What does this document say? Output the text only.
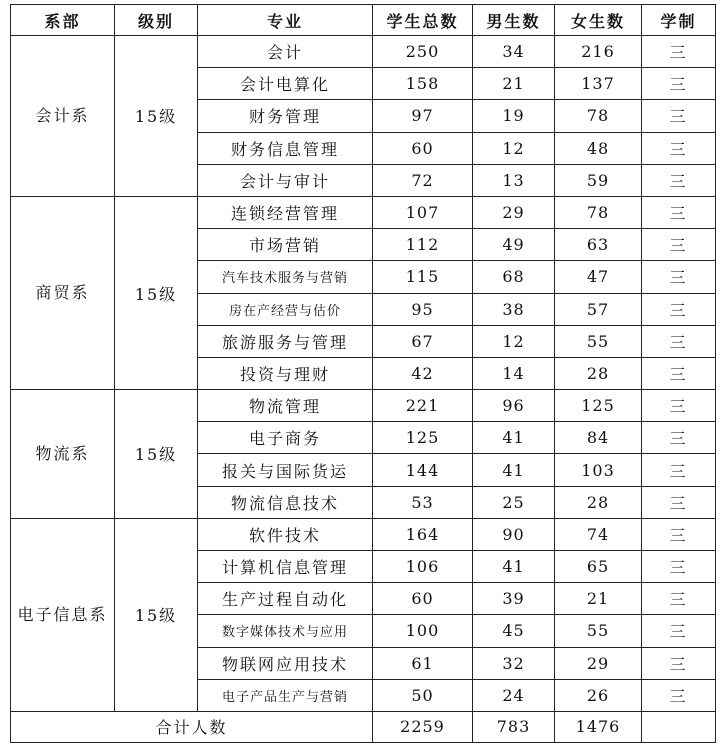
系部	级别	专业	学生总数	男生数	女生数	学制
会计系	15级	会计	250	34	216	三
		会计电算化	158	21	137	三
		财务管理	97	19	78	三
		财务信息管理	60	12	48	三
		会计与审计	72	13	59	三
商贸系	15级	连锁经营管理	107	29	78	三
		市场营销	112	49	63	三
		汽车技术服务与营销	115	68	47	三
		房在产经营与估价	95	38	57	三
		旅游服务与管理	67	12	55	三
		投资与理财	42	14	28	三
物流系	15级	物流管理	221	96	125	三
		电子商务	125	41	84	三
		报关与国际货运	144	41	103	三
		物流信息技术	53	25	28	三
电子信息系	15级	软件技术	164	90	74	三
		计算机信息管理	106	41	65	三
		生产过程自动化	60	39	21	三
		数字媒体技术与应用	100	45	55	三
		物联网应用技术	61	32	29	三
		电子产品生产与营销	50	24	26	三
合计人数			2259	783	1476	
